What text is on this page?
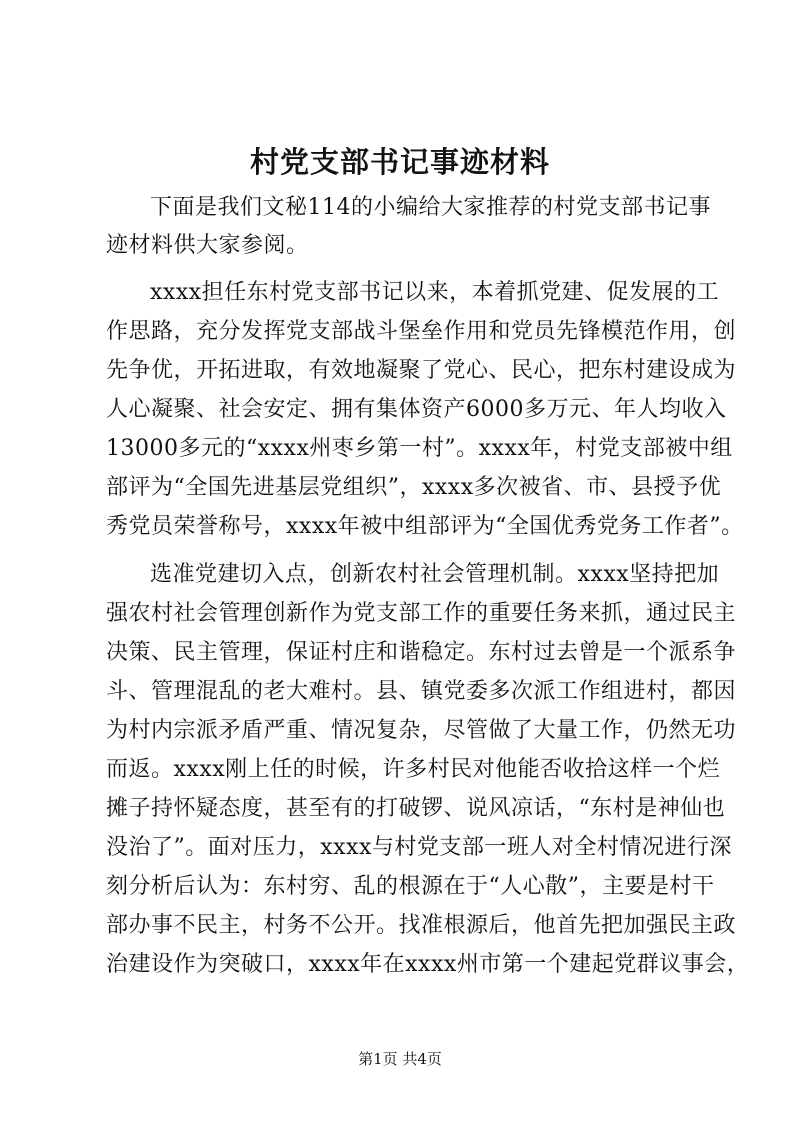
村党支部书记事迹材料
下面是我们文秘114的小编给大家推荐的村党支部书记事
迹材料供大家参阅。
xxxx担任东村党支部书记以来，本着抓党建、促发展的工
作思路，充分发挥党支部战斗堡垒作用和党员先锋模范作用，创
先争优，开拓进取，有效地凝聚了党心、民心，把东村建设成为
人心凝聚、社会安定、拥有集体资产6000多万元、年人均收入
13000多元的“xxxx州枣乡第一村”。xxxx年，村党支部被中组
部评为“全国先进基层党组织”，xxxx多次被省、市、县授予优
秀党员荣誉称号，xxxx年被中组部评为“全国优秀党务工作者”。
选准党建切入点，创新农村社会管理机制。xxxx坚持把加
强农村社会管理创新作为党支部工作的重要任务来抓，通过民主
决策、民主管理，保证村庄和谐稳定。东村过去曾是一个派系争
斗、管理混乱的老大难村。县、镇党委多次派工作组进村，都因
为村内宗派矛盾严重、情况复杂，尽管做了大量工作，仍然无功
而返。xxxx刚上任的时候，许多村民对他能否收拾这样一个烂
摊子持怀疑态度，甚至有的打破锣、说风凉话，“东村是神仙也
没治了”。面对压力，xxxx与村党支部一班人对全村情况进行深
刻分析后认为：东村穷、乱的根源在于“人心散”，主要是村干
部办事不民主，村务不公开。找准根源后，他首先把加强民主政
治建设作为突破口，xxxx年在xxxx州市第一个建起党群议事会，
第1页 共4页
